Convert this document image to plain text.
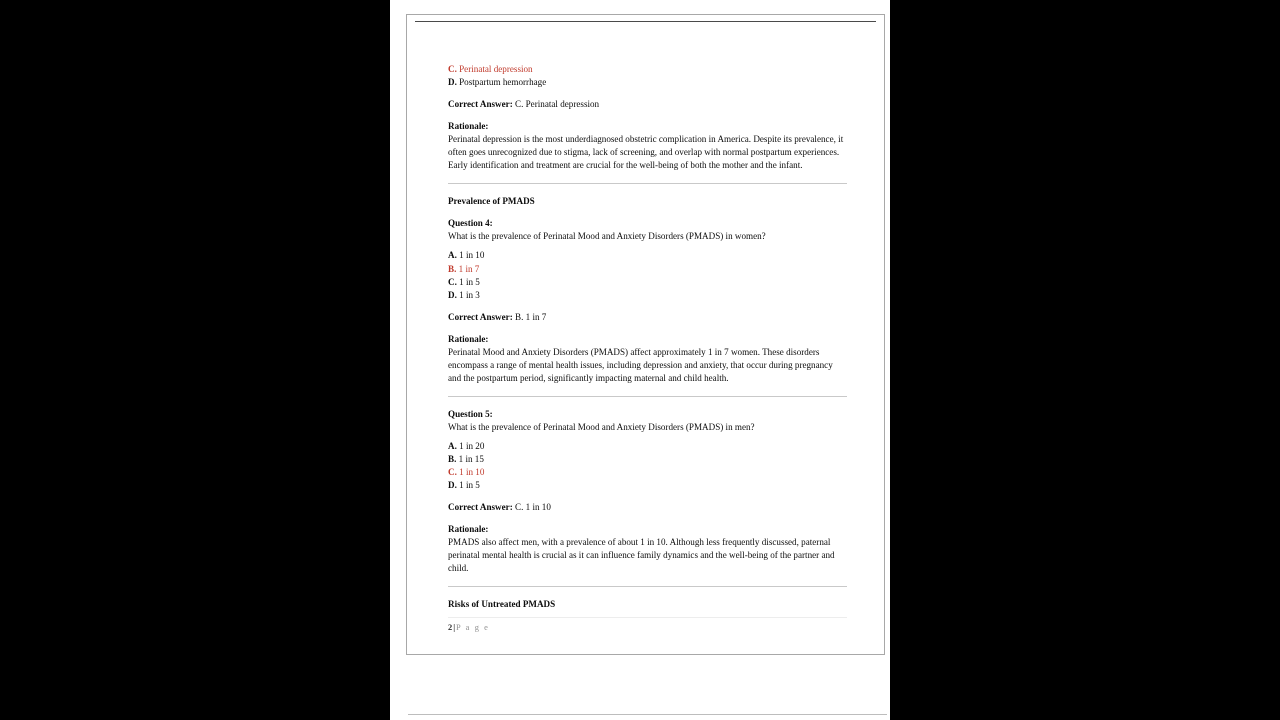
C. Perinatal depression

D. Postpartum hemorrhage

Correct Answer: C. Perinatal depression

Rationale:

Perinatal depression is the most underdiagnosed obstetric complication in America. Despite its prevalence, it often goes unrecognized due to stigma, lack of screening, and overlap with normal postpartum experiences. Early identification and treatment are crucial for the well-being of both the mother and the infant.

Prevalence of PMADS

Question 4:

What is the prevalence of Perinatal Mood and Anxiety Disorders (PMADS) in women?

A. 1 in 10

B. 1 in 7

C. 1 in 5

D. 1 in 3

Correct Answer: B. 1 in 7

Rationale:

Perinatal Mood and Anxiety Disorders (PMADS) affect approximately 1 in 7 women. These disorders encompass a range of mental health issues, including depression and anxiety, that occur during pregnancy and the postpartum period, significantly impacting maternal and child health.

Question 5:

What is the prevalence of Perinatal Mood and Anxiety Disorders (PMADS) in men?

A. 1 in 20

B. 1 in 15

C. 1 in 10

D. 1 in 5

Correct Answer: C. 1 in 10

Rationale:

PMADS also affect men, with a prevalence of about 1 in 10. Although less frequently discussed, paternal perinatal mental health is crucial as it can influence family dynamics and the well-being of the partner and child.

Risks of Untreated PMADS

2|P a g e
